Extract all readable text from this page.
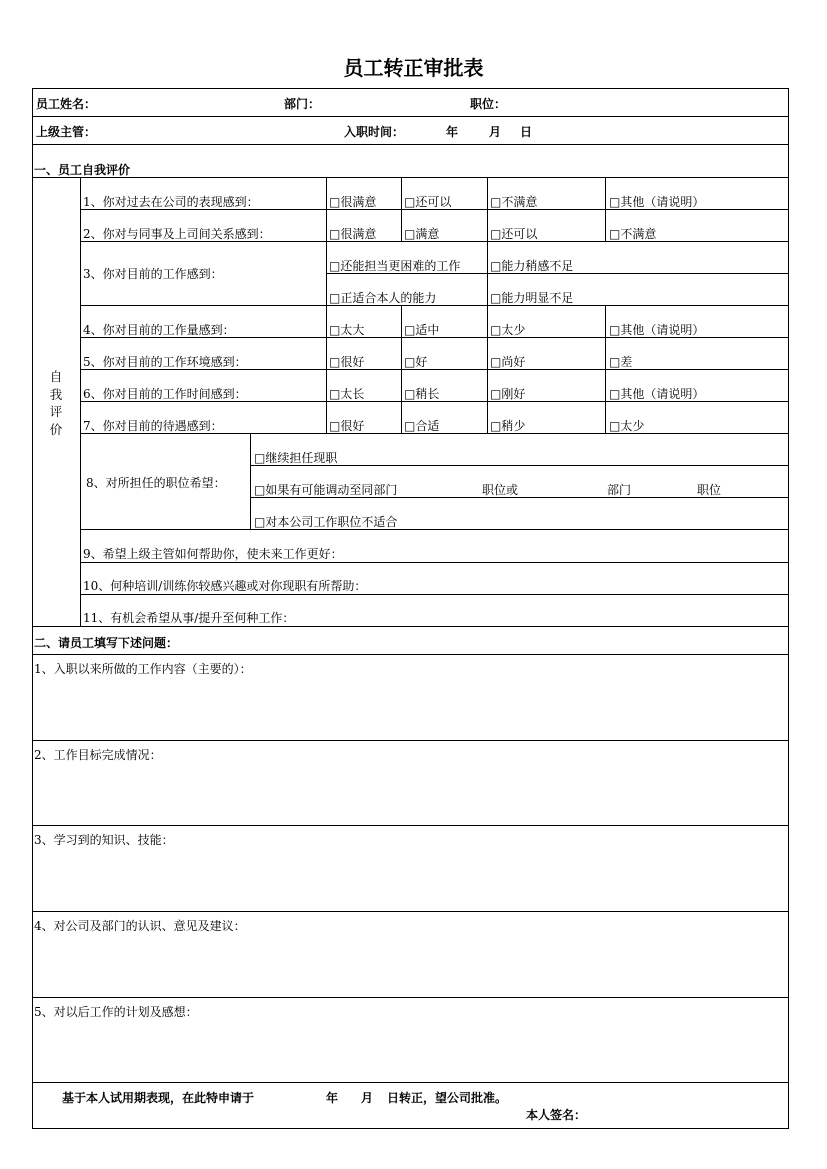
员工转正审批表
员工姓名：	部门：	职位：
上级主管：	入职时间：	年	月 日
一、员工自我评价
自
我
评
价
1、你对过去在公司的表现感到：	□很满意 □还可以	□不满意	□其他（请说明）
2、你对与同事及上司间关系感到：	□很满意 □满意	□还可以	□不满意
3、你对目前的工作感到：
□还能担当更困难的工作 □能力稍感不足
□正适合本人的能力	□能力明显不足
4、你对目前的工作量感到：	□太大	□适中	□太少	□其他（请说明）
5、你对目前的工作环境感到：	□很好	□好	□尚好	□差
6、你对目前的工作时间感到：	□太长	□稍长	□刚好	□其他（请说明）
7、你对目前的待遇感到：	□很好	□合适	□稍少	□太少
8、对所担任的职位希望：
□继续担任现职
□如果有可能调动至同部门	职位或	部门	职位
□对本公司工作职位不适合
9、希望上级主管如何帮助你，使未来工作更好：
10、何种培训/训练你较感兴趣或对你现职有所帮助：
11、有机会希望从事/提升至何种工作：
二、请员工填写下述问题：
1、入职以来所做的工作内容（主要的）：
2、工作目标完成情况：
3、学习到的知识、技能：
4、对公司及部门的认识、意见及建议：
5、对以后工作的计划及感想：
基于本人试用期表现，在此特申请于	年 月 日转正，望公司批准。
本人签名：
